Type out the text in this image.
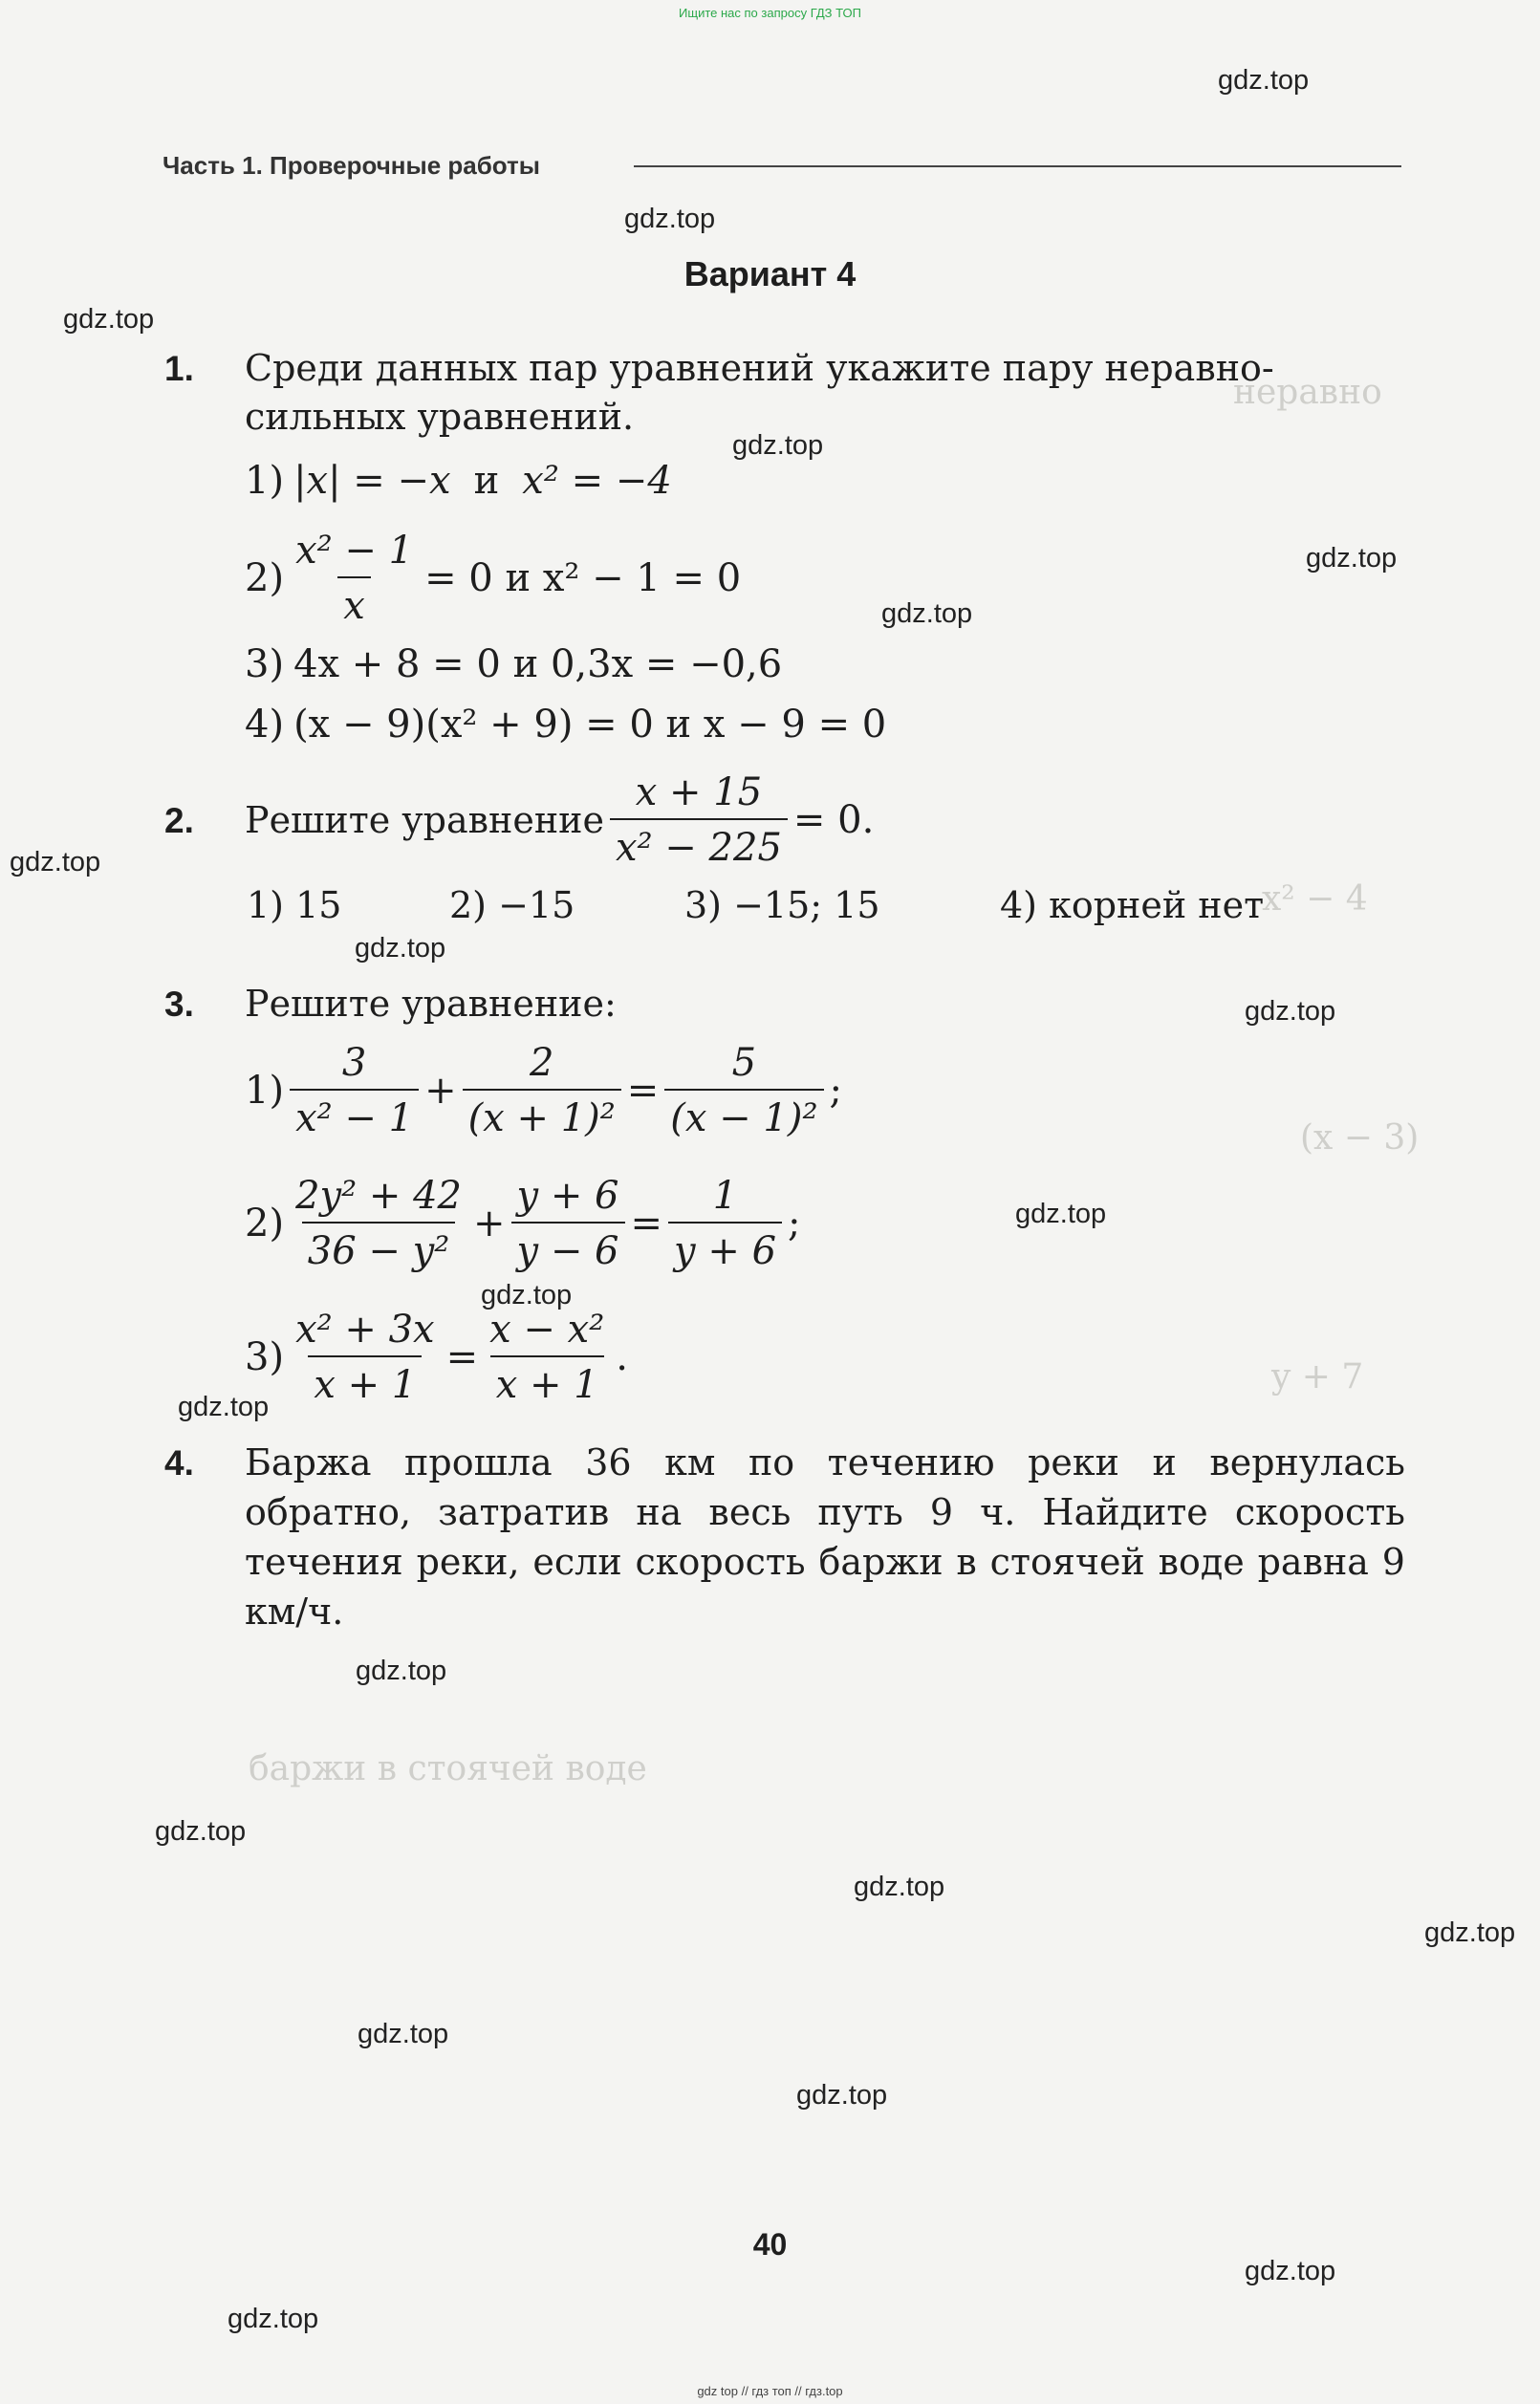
Ищите нас по запросу ГДЗ ТОП
gdz top // гдз топ // гдз.top
неравно
x² − 4
(x − 3)
y + 7
баржи в стоячей воде
Часть 1. Проверочные работы
Вариант 4
1. Среди данных пар уравнений укажите пару неравно-
сильных уравнений.
1) |x| = −x и x² = −4
$2) \frac{\text{x² − 1}}{x} = 0$ и x² − 1 = 0
3) 4x + 8 = 0 и 0,3x = −0,6
4) (x − 9)(x² + 9) = 0 и x − 9 = 0
2. Решите уравнение $\frac{x + 15}{\text{x² − 225}} = 0$.
1) 15	2) −15	3) −15; 15	4) корней нет
3. Решите уравнение:
$1) \frac{3}{\text{x² − 1}} + \frac{2}{\text{(x + 1)²}} = \frac{5}{\text{(x − 1)²}}$ ;
$2) \frac{\text{2y² + 42}}{\text{36 − y²}} + \frac{y + 6}{y - 6} = \frac{1}{y + 6}$ ;
$3) \frac{\text{x² + 3x}}{x + 1} = \frac{\text{x − x²}}{x + 1}$ .
4. Баржа прошла 36 км по течению реки и вернулась обратно, затратив на весь путь 9 ч. Найдите скорость течения реки, если скорость баржи в стоячей воде равна 9 км/ч.
40
gdz.top
gdz.top
gdz.top
gdz.top
gdz.top
gdz.top
gdz.top
gdz.top
gdz.top
gdz.top
gdz.top
gdz.top
gdz.top
gdz.top
gdz.top
gdz.top
gdz.top
gdz.top
gdz.top
gdz.top
